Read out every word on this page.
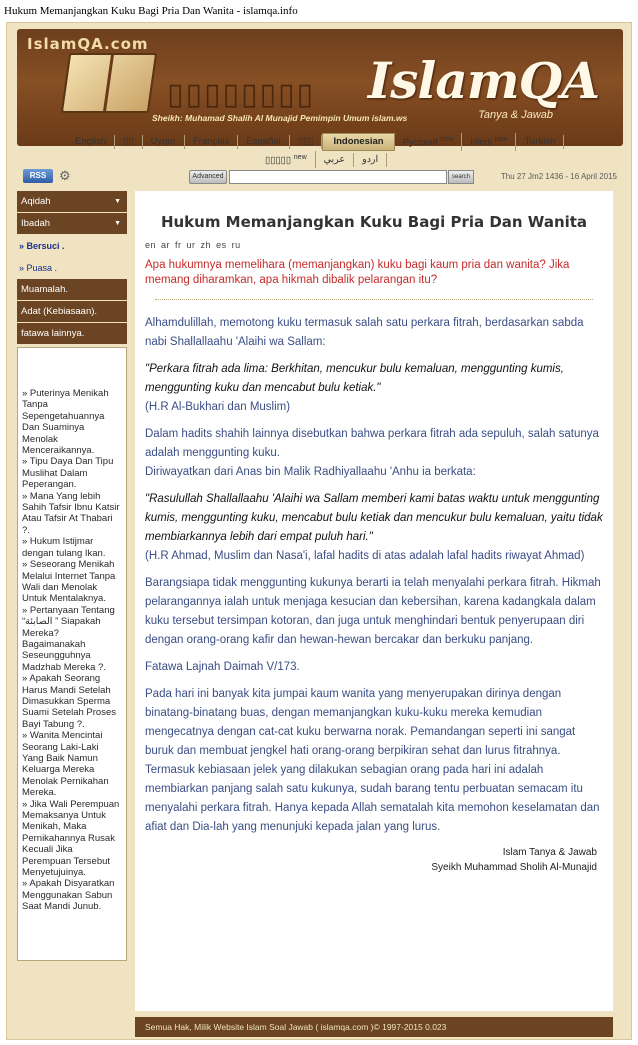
Hukum Memanjangkan Kuku Bagi Pria Dan Wanita - islamqa.info
IslamQA.com
▯▯▯▯▯▯▯▯
Sheikh: Muhamad Shalih Al Munajid Pemimpin Umum islam.ws
IslamQA
Tanya & Jawab
English	▯▯	Uygur	Français	Español	▯▯▯	Indonesian	Русский $^{new}$	Hindi $^{new}$	Turkish
▯▯▯▯▯ $^{new}$	عربي	اردو
RSS ⚙	Advanced	search	Thu 27 Jm2 1436 - 16 April 2015
Aqidah	▼
Ibadah	▼
» Bersuci .
» Puasa .
Muamalah.
Adat (Kebiasaan).
fatawa lainnya.
» Puterinya Menikah Tanpa Sepengetahuannya Dan Suaminya Menolak Menceraikannya.
» Tipu Daya Dan Tipu Muslihat Dalam Peperangan.
» Mana Yang lebih Sahih Tafsir Ibnu Katsir Atau Tafsir At Thabari ?.
» Hukum Istijmar dengan tulang Ikan.
» Seseorang Menikah Melalui Internet Tanpa Wali dan Menolak Untuk Mentalaknya.
» Pertanyaan Tentang “الصابئة ” Siapakah Mereka? Bagaimanakah Seseungguhnya Madzhab Mereka ?.
» Apakah Seorang Harus Mandi Setelah Dimasukkan Sperma Suami Setelah Proses Bayi Tabung ?.
» Wanita Mencintai Seorang Laki-Laki Yang Baik Namun Keluarga Mereka Menolak Pernikahan Mereka.
» Jika Wali Perempuan Memaksanya Untuk Menikah, Maka Pernikahannya Rusak Kecuali Jika Perempuan Tersebut Menyetujuinya.
» Apakah Disyaratkan Menggunakan Sabun Saat Mandi Junub.
Hukum Memanjangkan Kuku Bagi Pria Dan Wanita
en ar fr ur zh es ru
Apa hukumnya memelihara (memanjangkan) kuku bagi kaum pria dan wanita? Jika memang diharamkan, apa hikmah dibalik pelarangan itu?

Alhamdulillah, memotong kuku termasuk salah satu perkara fitrah, berdasarkan sabda nabi Shallallaahu 'Alaihi wa Sallam:

"Perkara fitrah ada lima: Berkhitan, mencukur bulu kemaluan, menggunting kumis, menggunting kuku dan mencabut bulu ketiak."
(H.R Al-Bukhari dan Muslim)

Dalam hadits shahih lainnya disebutkan bahwa perkara fitrah ada sepuluh, salah satunya adalah menggunting kuku.
Diriwayatkan dari Anas bin Malik Radhiyallaahu 'Anhu ia berkata:

"Rasulullah Shallallaahu 'Alaihi wa Sallam memberi kami batas waktu untuk menggunting kumis, menggunting kuku, mencabut bulu ketiak dan mencukur bulu kemaluan, yaitu tidak membiarkannya lebih dari empat puluh hari."
(H.R Ahmad, Muslim dan Nasa'i, lafal hadits di atas adalah lafal hadits riwayat Ahmad)

Barangsiapa tidak menggunting kukunya berarti ia telah menyalahi perkara fitrah. Hikmah pelarangannya ialah untuk menjaga kesucian dan kebersihan, karena kadangkala dalam kuku tersebut tersimpan kotoran, dan juga untuk menghindari bentuk penyerupaan diri dengan orang-orang kafir dan hewan-hewan bercakar dan berkuku panjang.

Fatawa Lajnah Daimah V/173.

Pada hari ini banyak kita jumpai kaum wanita yang menyerupakan dirinya dengan binatang-binatang buas, dengan memanjangkan kuku-kuku mereka kemudian mengecatnya dengan cat-cat kuku berwarna norak. Pemandangan seperti ini sangat buruk dan membuat jengkel hati orang-orang berpikiran sehat dan lurus fitrahnya. Termasuk kebiasaan jelek yang dilakukan sebagian orang pada hari ini adalah membiarkan panjang salah satu kukunya, sudah barang tentu perbuatan semacam itu menyalahi perkara fitrah. Hanya kepada Allah sematalah kita memohon keselamatan dan afiat dan Dia-lah yang menunjuki kepada jalan yang lurus.

Islam Tanya & Jawab
Syeikh Muhammad Sholih Al-Munajid
Semua Hak, Milik Website Islam Soal Jawab ( islamqa.com )© 1997-2015 0.023
